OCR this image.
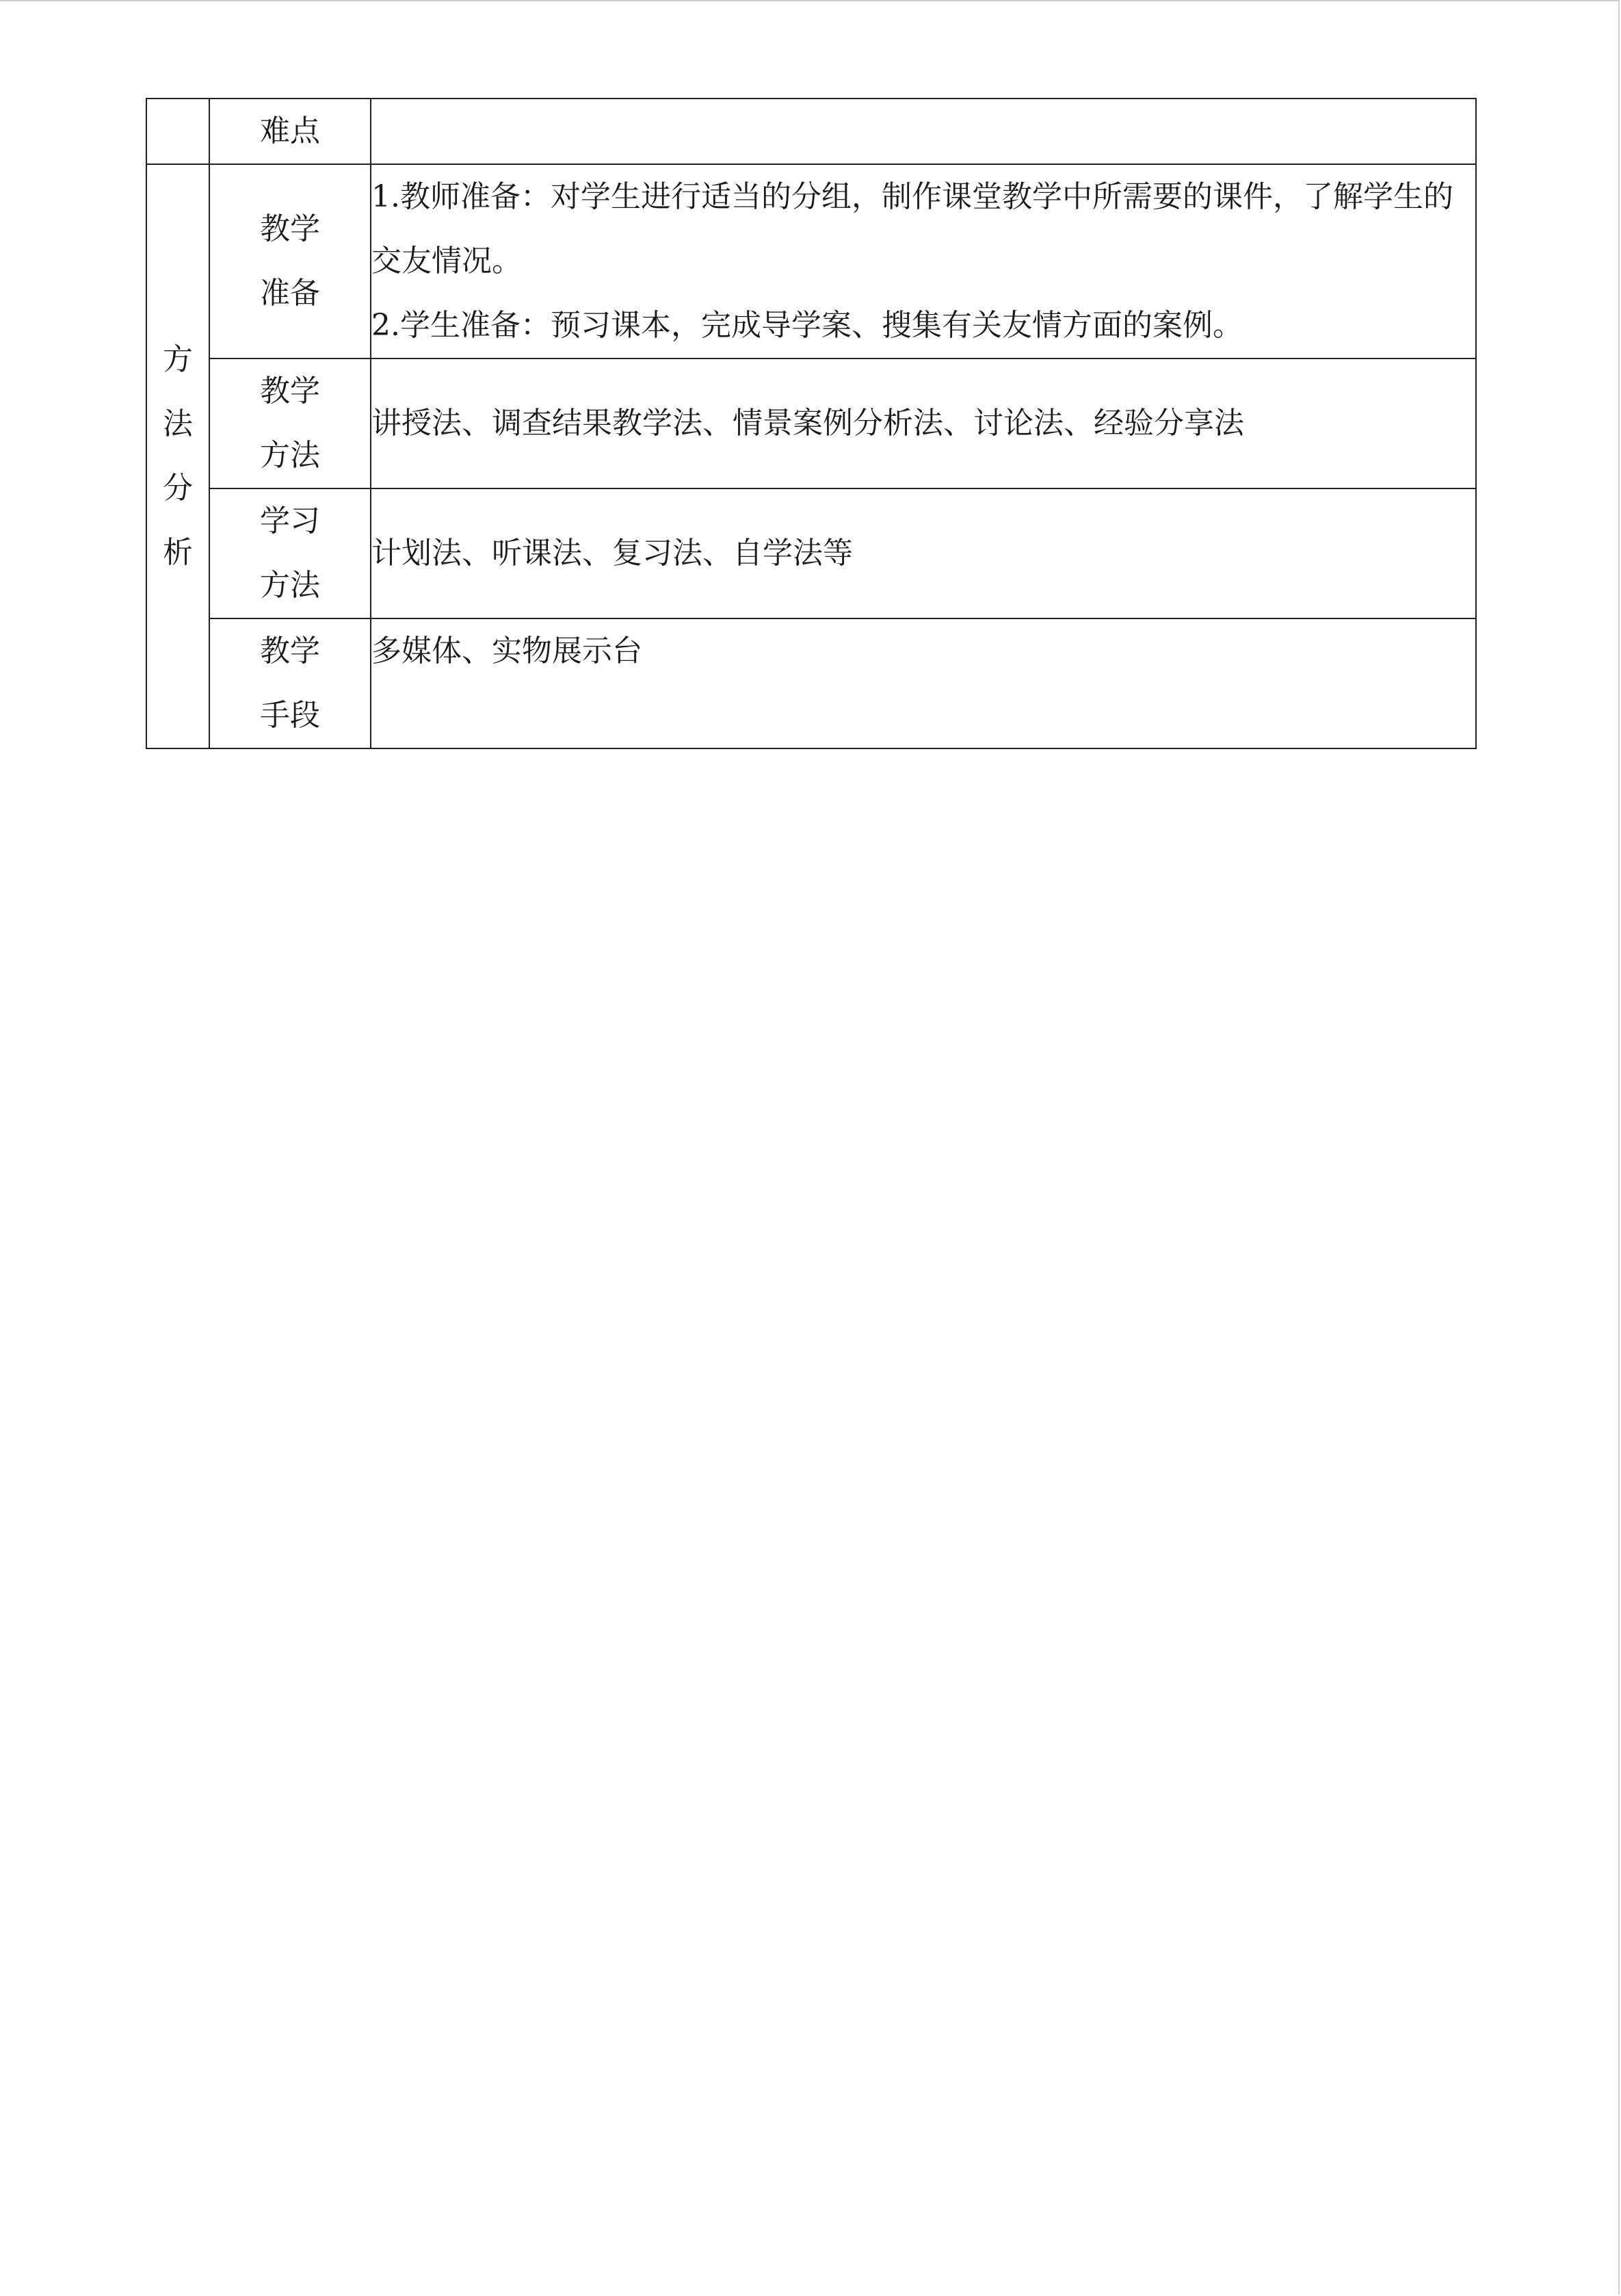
	难点	
方法分析	教学准备	1.教师准备：对学生进行适当的分组，制作课堂教学中所需要的课件，了解学生的交友情况。
2.学生准备：预习课本，完成导学案、搜集有关友情方面的案例。

	教学方法	讲授法、调查结果教学法、情景案例分析法、讨论法、经验分享法

	学习方法	计划法、听课法、复习法、自学法等

	教学手段	多媒体、实物展示台
